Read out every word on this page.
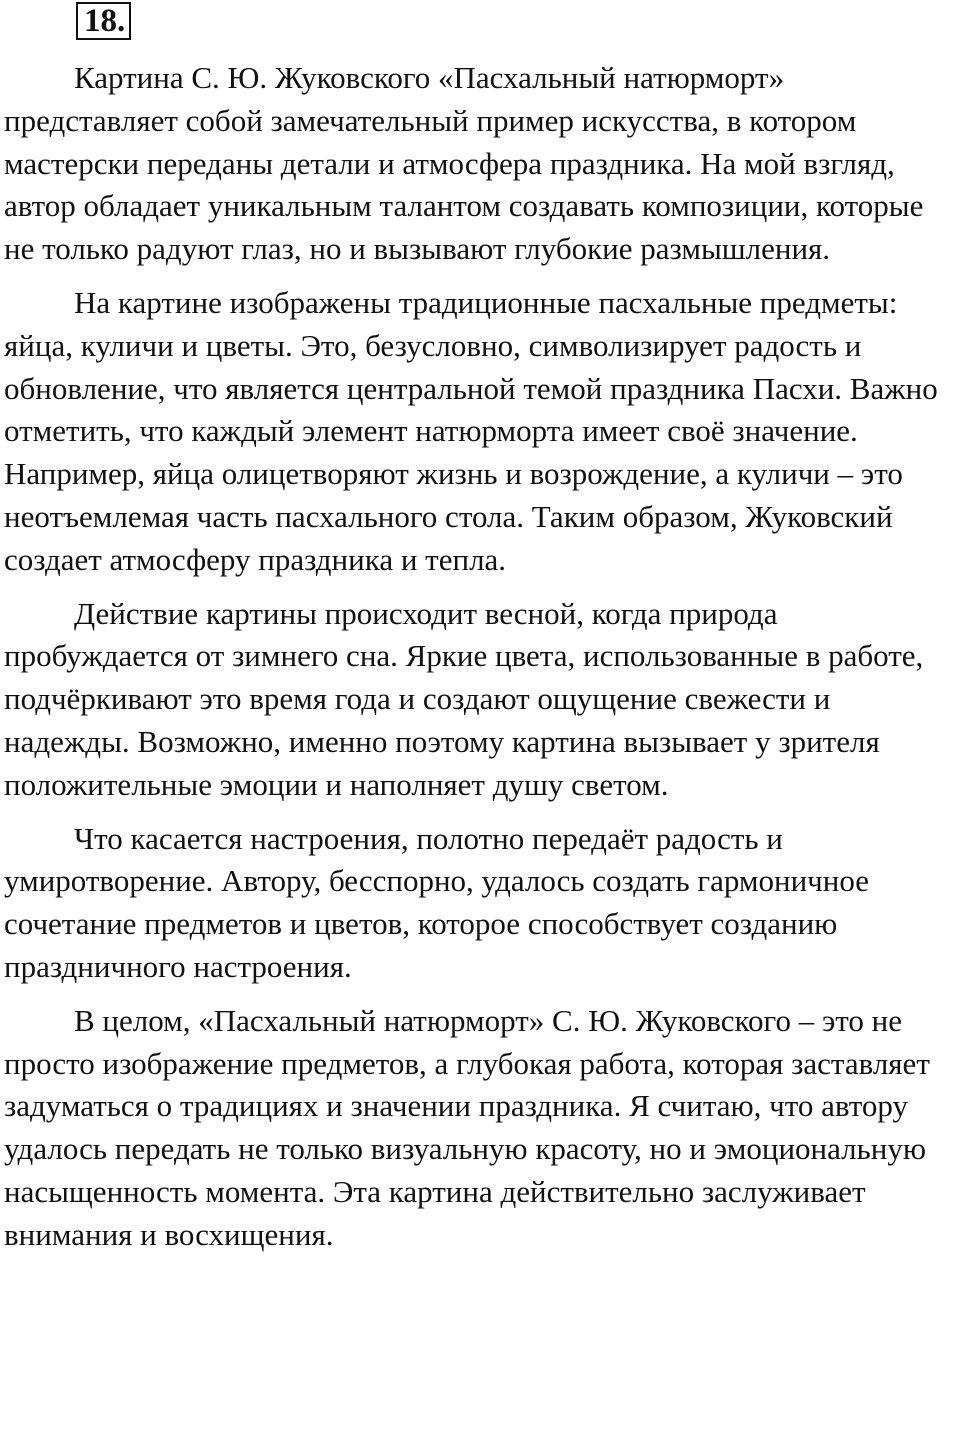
18.

Картина С. Ю. Жуковского «Пасхальный натюрморт» представляет собой замечательный пример искусства, в котором мастерски переданы детали и атмосфера праздника. На мой взгляд, автор обладает уникальным талантом создавать композиции, которые не только радуют глаз, но и вызывают глубокие размышления.

На картине изображены традиционные пасхальные предметы: яйца, куличи и цветы. Это, безусловно, символизирует радость и обновление, что является центральной темой праздника Пасхи. Важно отметить, что каждый элемент натюрморта имеет своё значение. Например, яйца олицетворяют жизнь и возрождение, а куличи – это неотъемлемая часть пасхального стола. Таким образом, Жуковский создает атмосферу праздника и тепла.

Действие картины происходит весной, когда природа пробуждается от зимнего сна. Яркие цвета, использованные в работе, подчёркивают это время года и создают ощущение свежести и надежды. Возможно, именно поэтому картина вызывает у зрителя положительные эмоции и наполняет душу светом.

Что касается настроения, полотно передаёт радость и умиротворение. Автору, бесспорно, удалось создать гармоничное сочетание предметов и цветов, которое способствует созданию праздничного настроения.

В целом, «Пасхальный натюрморт» С. Ю. Жуковского – это не просто изображение предметов, а глубокая работа, которая заставляет задуматься о традициях и значении праздника. Я считаю, что автору удалось передать не только визуальную красоту, но и эмоциональную насыщенность момента. Эта картина действительно заслуживает внимания и восхищения.
